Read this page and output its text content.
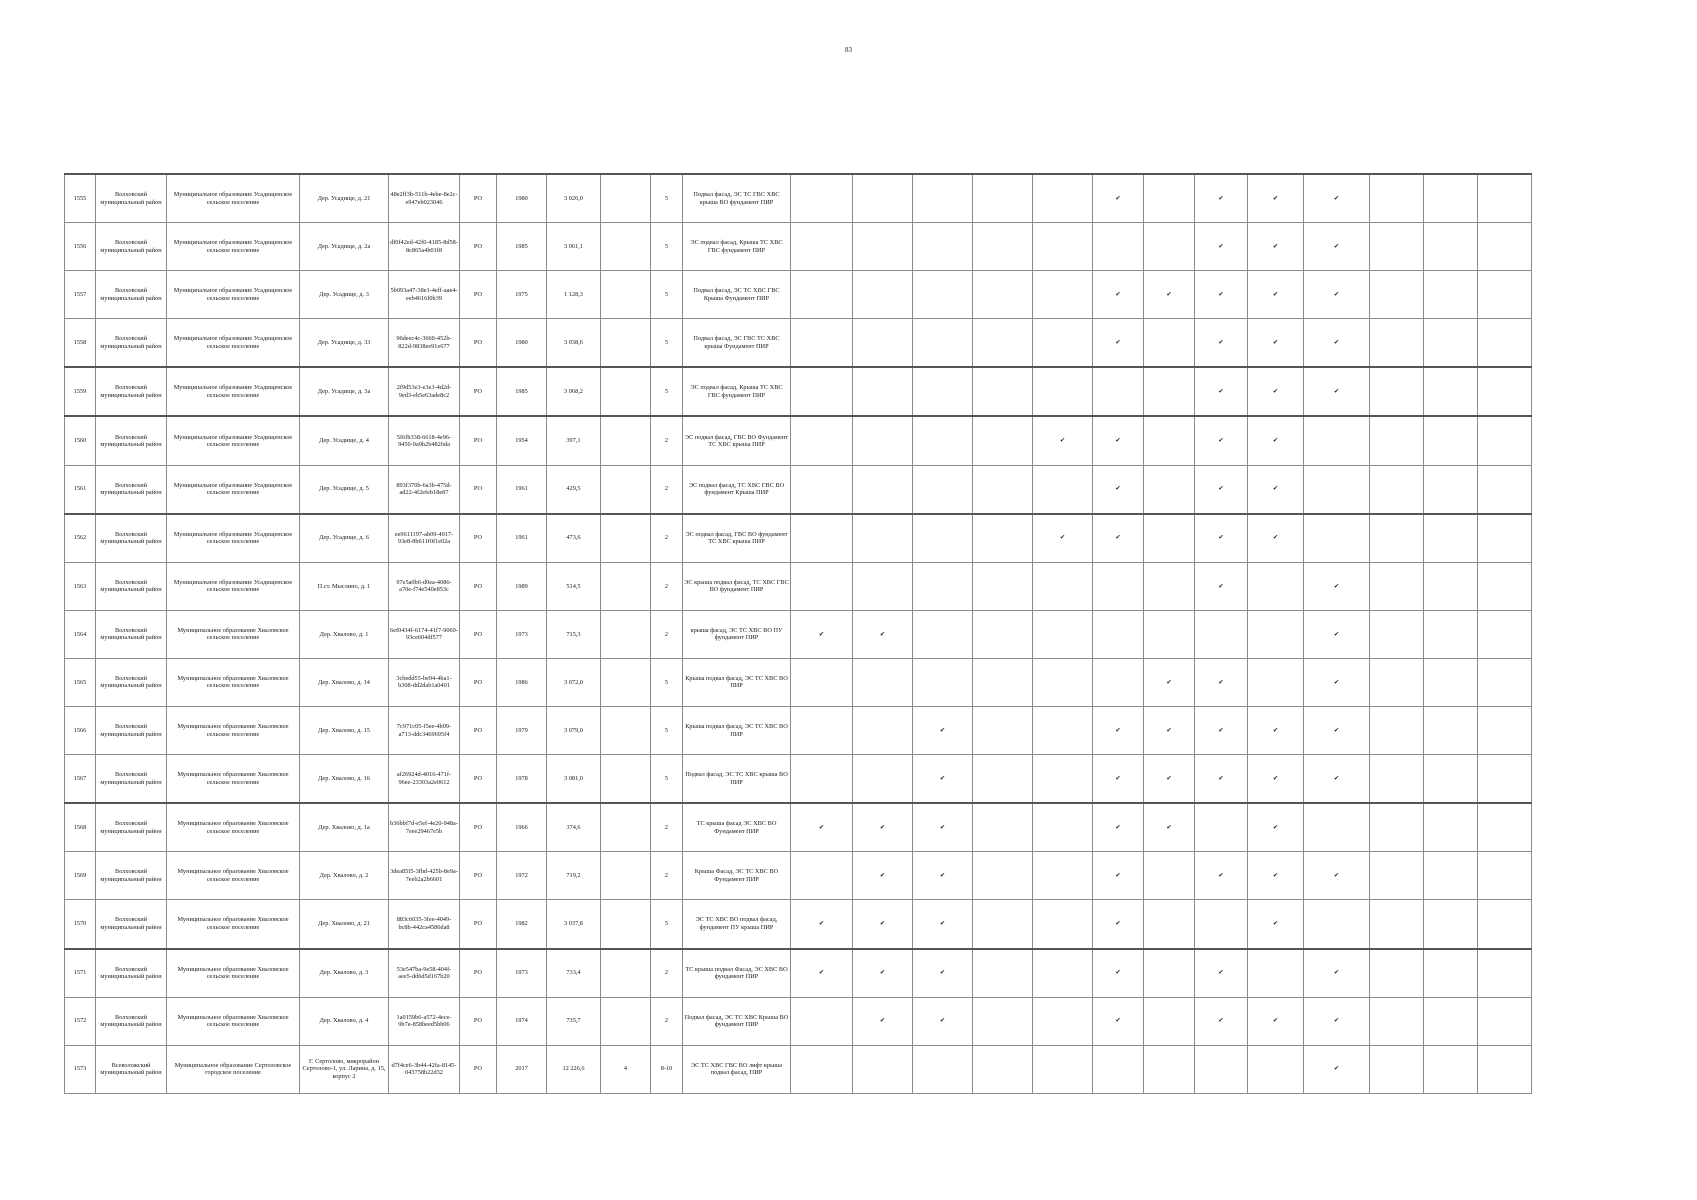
83
1555	Волховский муниципальный район	Муниципальное образование Усадищенское сельское поселение	Дер. Усадище, д. 21	48e2ff3b-511b-4ebe-8e2c-e947eb023046	РО	1980	3 026,0		5	Подвал фасад, ЭС ТС ГВС ХВС крыша ВО фундамент ПИР						✔		✔	✔	✔			
1556	Волховский муниципальный район	Муниципальное образование Усадищенское сельское поселение	Дер. Усадище, д. 2а	df0f42ed-42f0-4185-8d58-8c865a4b01f8	РО	1985	3 061,1		5	ЭС подвал фасад, Крыша ТС ХВС ГВС фундамент ПИР								✔	✔	✔			
1557	Волховский муниципальный район	Муниципальное образование Усадищенское сельское поселение	Дер. Усадище, д. 3	5b093a47-38e1-4eff-aae4-eeb4616f0b39	РО	1975	1 128,3		5	Подвал фасад, ЭС ТС ХВС ГВС Крыша Фундамент ПИР						✔	✔	✔	✔	✔			
1558	Волховский муниципальный район	Муниципальное образование Усадищенское сельское поселение	Дер. Усадище, д. 33	96deec4c-3660-452b-822d-9838ee91e677	РО	1980	3 038,6		5	Подвал фасад, ЭС ГВС ТС ХВС крыша Фундамент ПИР						✔		✔	✔	✔			
1559	Волховский муниципальный район	Муниципальное образование Усадищенское сельское поселение	Дер. Усадище, д. 3а	2f9d53e3-e3e3-4d2d-9ed3-eb5e63ade8c2	РО	1985	3 068,2		5	ЭС подвал фасад, Крыша ТС ХВС ГВС фундамент ПИР								✔	✔	✔			
1560	Волховский муниципальный район	Муниципальное образование Усадищенское сельское поселение	Дер. Усадище, д. 4	5f6fb338-6618-4e96-9450-9a9b2b4826da	РО	1954	397,1		2	ЭС подвал фасад, ГВС ВО Фундамент ТС ХВС крыша ПИР					✔	✔		✔	✔				
1561	Волховский муниципальный район	Муниципальное образование Усадищенское сельское поселение	Дер. Усадище, д. 5	893f370b-6a3b-475d-ad22-4f2efeb18e87	РО	1961	429,5		2	ЭС подвал фасад, ТС ХВС ГВС ВО фундамент Крыша ПИР						✔		✔	✔				
1562	Волховский муниципальный район	Муниципальное образование Усадищенское сельское поселение	Дер. Усадище, д. 6	ee9611197-ab09-4917-93e8-8b611f0f1e02a	РО	1961	473,6		2	ЭС подвал фасад, ГВС ВО фундамент ТС ХВС крыша ПИР					✔	✔		✔	✔				
1563	Волховский муниципальный район	Муниципальное образование Усадищенское сельское поселение	П.ст. Мыслино, д. 1	97e5a0b6-d0ea-4086-a70e-f74e540e853c	РО	1989	514,5		2	ЭС крыша подвал фасад, ТС ХВС ГВС ВО фундамент ПИР								✔		✔			
1564	Волховский муниципальный район	Муниципальное образование Хваловское сельское поселение	Дер. Хвалово, д. 1	6ef0434f-6174-41f7-9069-93ce604df577	РО	1973	715,3		2	крыша фасад, ЭС ТС ХВС ВО ПУ фундамент ПИР	✔	✔								✔			
1565	Волховский муниципальный район	Муниципальное образование Хваловское сельское поселение	Дер. Хвалово, д. 14	3cbedd55-be94-4ba1-b308-dd2dab1a0401	РО	1986	3 072,0		5	Крыша подвал фасад, ЭС ТС ХВС ВО ПИР							✔	✔		✔			
1566	Волховский муниципальный район	Муниципальное образование Хваловское сельское поселение	Дер. Хвалово, д. 15	7c971c05-f5ee-4b09-a713-ddc3469695f4	РО	1979	3 079,0		5	Крыша подвал фасад, ЭС ТС ХВС ВО ПИР			✔			✔	✔	✔	✔	✔			
1567	Волховский муниципальный район	Муниципальное образование Хваловское сельское поселение	Дер. Хвалово, д. 16	af26924d-4016-471f-96ee-23303a2e0612	РО	1978	3 081,0		5	Подвал фасад, ЭС ТС ХВС крыша ВО ПИР			✔			✔	✔	✔	✔	✔			
1568	Волховский муниципальный район	Муниципальное образование Хваловское сельское поселение	Дер. Хвалово, д. 1а	b36bbf7d-e5ef-4e20-948a-7eee29467e5b	РО	1966	374,6		2	ТС крыша фасад ЭС ХВС ВО Фундамент ПИР	✔	✔	✔			✔	✔		✔				
1569	Волховский муниципальный район	Муниципальное образование Хваловское сельское поселение	Дер. Хвалово, д. 2	3dea85f5-3fbd-425b-8e9a-7eeb2a2b6601	РО	1972	719,2		2	Крыша Фасад, ЭС ТС ХВС ВО Фундамент ПИР		✔	✔			✔		✔	✔	✔			
1570	Волховский муниципальный район	Муниципальное образование Хваловское сельское поселение	Дер. Хвалово, д. 21	883c6035-3fee-4049-bc8b-442ca4586da8	РО	1982	3 037,8		5	ЭС ТС ХВС ВО подвал фасад, фундамент ПУ крыша ПИР	✔	✔	✔			✔			✔				
1571	Волховский муниципальный район	Муниципальное образование Хваловское сельское поселение	Дер. Хвалово, д. 3	53e547ba-9e58-404f-aee5-dd6d5d167b20	РО	1973	733,4		2	ТС крыша подвал Фасад, ЭС ХВС ВО фундамент ПИР	✔	✔	✔			✔		✔		✔			
1572	Волховский муниципальный район	Муниципальное образование Хваловское сельское поселение	Дер. Хвалово, д. 4	1a0159b6-a572-4ece-9b7e-858beed5bb06	РО	1974	735,7		2	Подвал фасад, ЭС ТС ХВС Крыша ВО фундамент ПИР		✔	✔			✔		✔	✔	✔			
1573	Всеволожский муниципальный район	Муниципальное образование Сертоловское городское поселение	Г. Сертолово, микрорайон Сертолово-1, ул. Ларина, д. 15, корпус 2	d7f4ce6-3b44-42fa-8145-043758b22d32	РО	2017	12 226,6	4	8-10	ЭС ТС ХВС ГВС ВО лифт крыша подвал фасад, ПИР										✔			
